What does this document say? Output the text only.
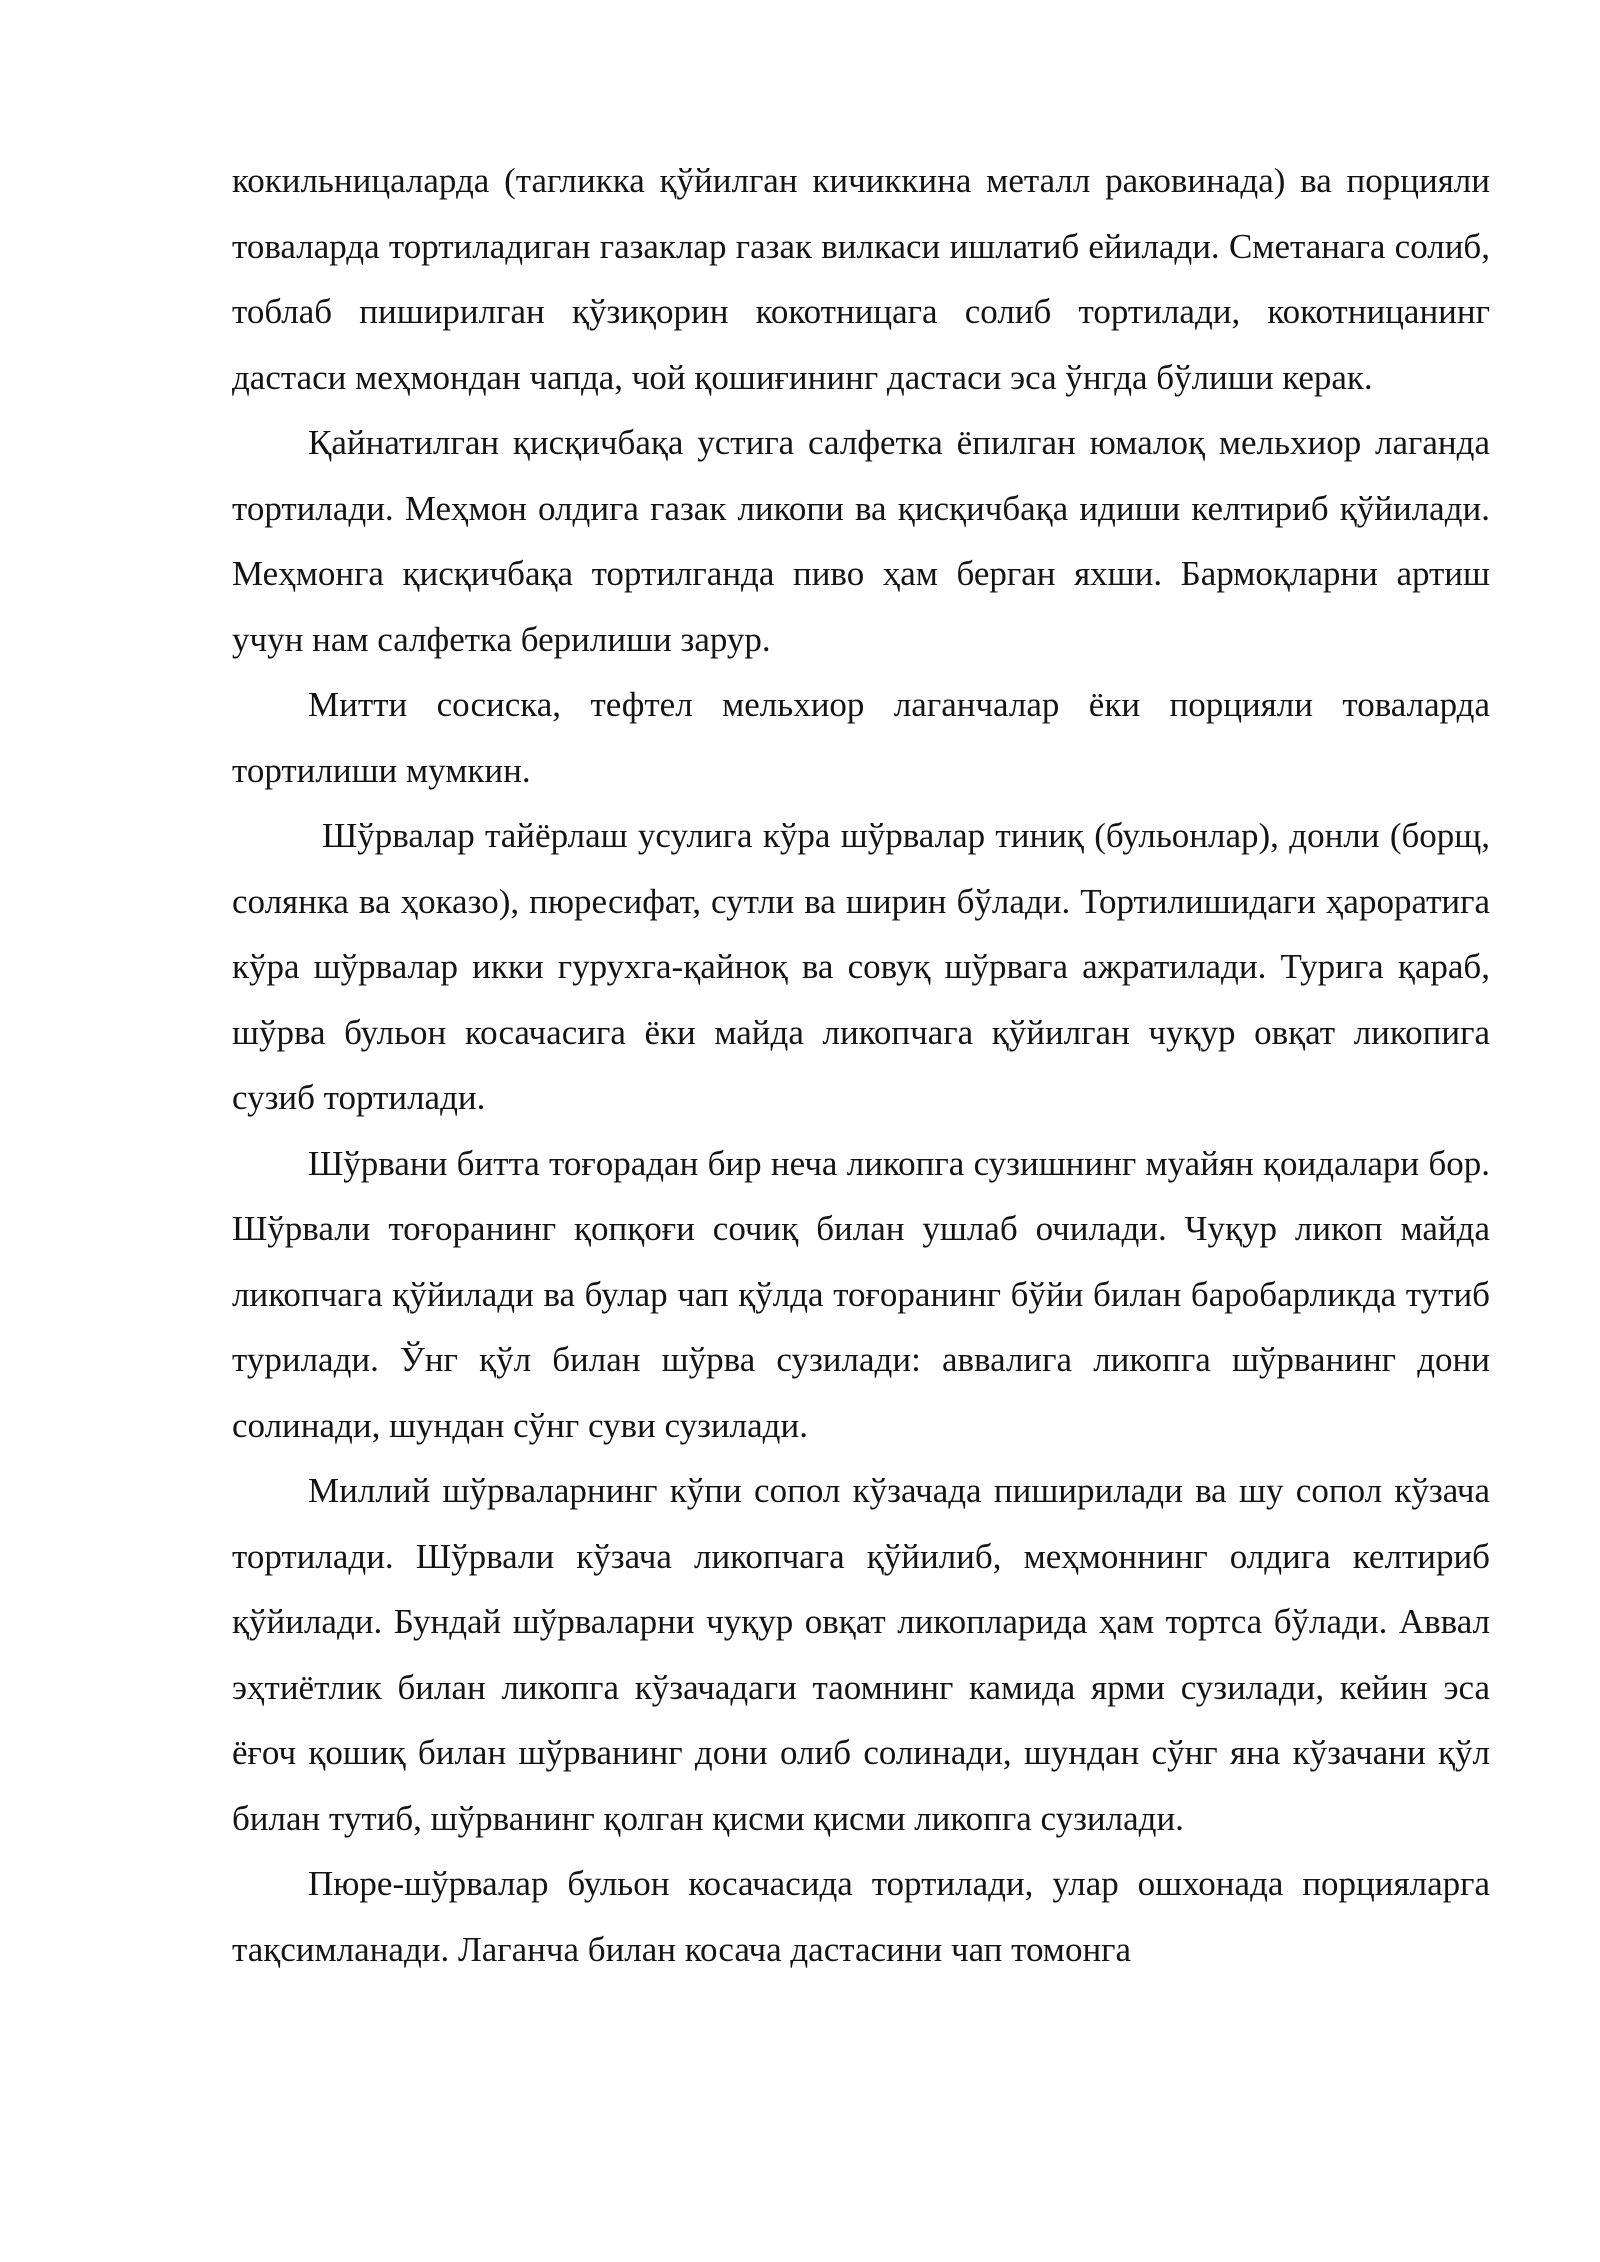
кокильницаларда (тагликка қўйилган кичиккина металл раковинада) ва порцияли товаларда тортиладиган газаклар газак вилкаси ишлатиб ейилади. Сметанага солиб, тоблаб пиширилган қўзиқорин кокотницага солиб тортилади, кокотницанинг дастаси меҳмондан чапда, чой қошиғининг дастаси эса ўнгда бўлиши керак.

Қайнатилган қисқичбақа устига салфетка ёпилган юмалоқ мельхиор лаганда тортилади. Меҳмон олдига газак ликопи ва қисқичбақа идиши келтириб қўйилади. Меҳмонга қисқичбақа тортилганда пиво ҳам берган яхши. Бармоқларни артиш учун нам салфетка берилиши зарур.

Митти сосиска, тефтел мельхиор лаганчалар ёки порцияли товаларда тортилиши мумкин.

Шўрвалар тайёрлаш усулига кўра шўрвалар тиниқ (бульонлар), донли (борщ, солянка ва ҳоказо), пюресифат, сутли ва ширин бўлади. Тортилишидаги ҳароратига кўра шўрвалар икки гурухга-қайноқ ва совуқ шўрвага ажратилади. Турига қараб, шўрва бульон косачасига ёки майда ликопчага қўйилган чуқур овқат ликопига сузиб тортилади.

Шўрвани битта тоғорадан бир неча ликопга сузишнинг муайян қоидалари бор. Шўрвали тоғоранинг қопқоғи сочиқ билан ушлаб очилади. Чуқур ликоп майда ликопчага қўйилади ва булар чап қўлда тоғоранинг бўйи билан баробарликда тутиб турилади. Ўнг қўл билан шўрва сузилади: аввалига ликопга шўрванинг дони солинади, шундан сўнг суви сузилади.

Миллий шўрваларнинг кўпи сопол кўзачада пиширилади ва шу сопол кўзача тортилади. Шўрвали кўзача ликопчага қўйилиб, меҳмоннинг олдига келтириб қўйилади. Бундай шўрваларни чуқур овқат ликопларида ҳам тортса бўлади. Аввал эҳтиётлик билан ликопга кўзачадаги таомнинг камида ярми сузилади, кейин эса ёғоч қошиқ билан шўрванинг дони олиб солинади, шундан сўнг яна кўзачани қўл билан тутиб, шўрванинг қолган қисми қисми ликопга сузилади.

Пюре-шўрвалар бульон косачасида тортилади, улар ошхонада порцияларга тақсимланади. Лаганча билан косача дастасини чап томонга
